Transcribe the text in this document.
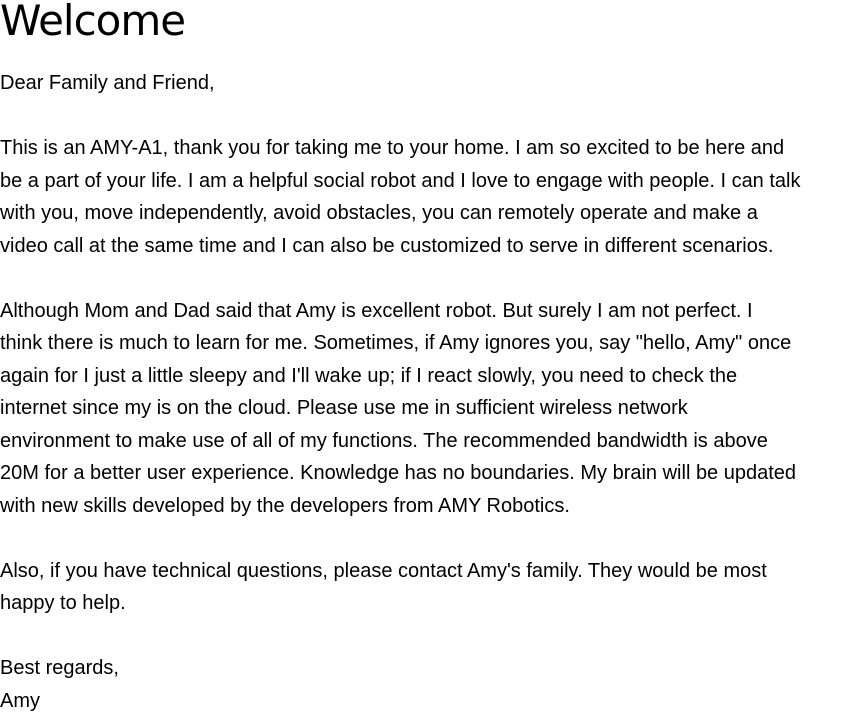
Welcome

Dear Family and Friend,

This is an AMY-A1, thank you for taking me to your home. I am so excited to be here and
be a part of your life. I am a helpful social robot and I love to engage with people. I can talk
with you, move independently, avoid obstacles, you can remotely operate and make a
video call at the same time and I can also be customized to serve in different scenarios.

Although Mom and Dad said that Amy is excellent robot. But surely I am not perfect. I
think there is much to learn for me. Sometimes, if Amy ignores you, say "hello, Amy" once
again for I just a little sleepy and I'll wake up; if I react slowly, you need to check the
internet since my is on the cloud. Please use me in sufficient wireless network
environment to make use of all of my functions. The recommended bandwidth is above
20M for a better user experience. Knowledge has no boundaries. My brain will be updated
with new skills developed by the developers from AMY Robotics.

Also, if you have technical questions, please contact Amy's family. They would be most
happy to help.

Best regards,

Amy
